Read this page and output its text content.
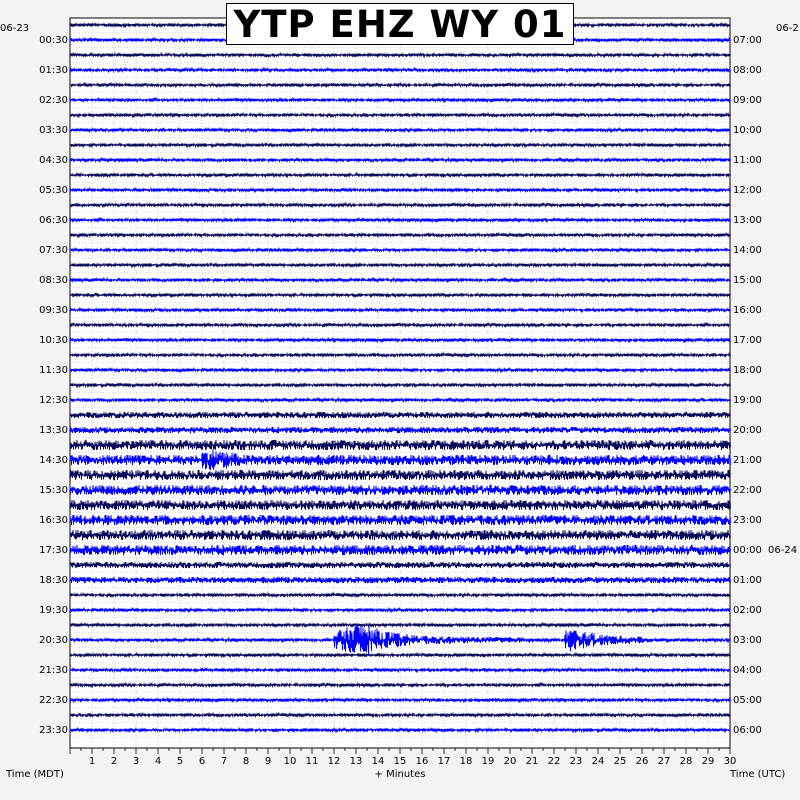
00:30
01:30
02:30
03:30
04:30
05:30
06:30
07:30
08:30
09:30
10:30
11:30
12:30
13:30
14:30
15:30
16:30
17:30
18:30
19:30
20:30
21:30
22:30
23:30
07:00
08:00
09:00
10:00
11:00
12:00
13:00
14:00
15:00
16:00
17:00
18:00
19:00
20:00
21:00
22:00
23:00
00:00
01:00
02:00
03:00
04:00
05:00
06:00
06-23	06-2
06-24
1 2 3 4 5 6 7 8 9 10 11 12 13 14 15 16 17 18 19 20 21 22 23 24 25 26 27 28 29 30
+ Minutes
Time (MDT)	Time (UTC)
YTP EHZ WY 01
